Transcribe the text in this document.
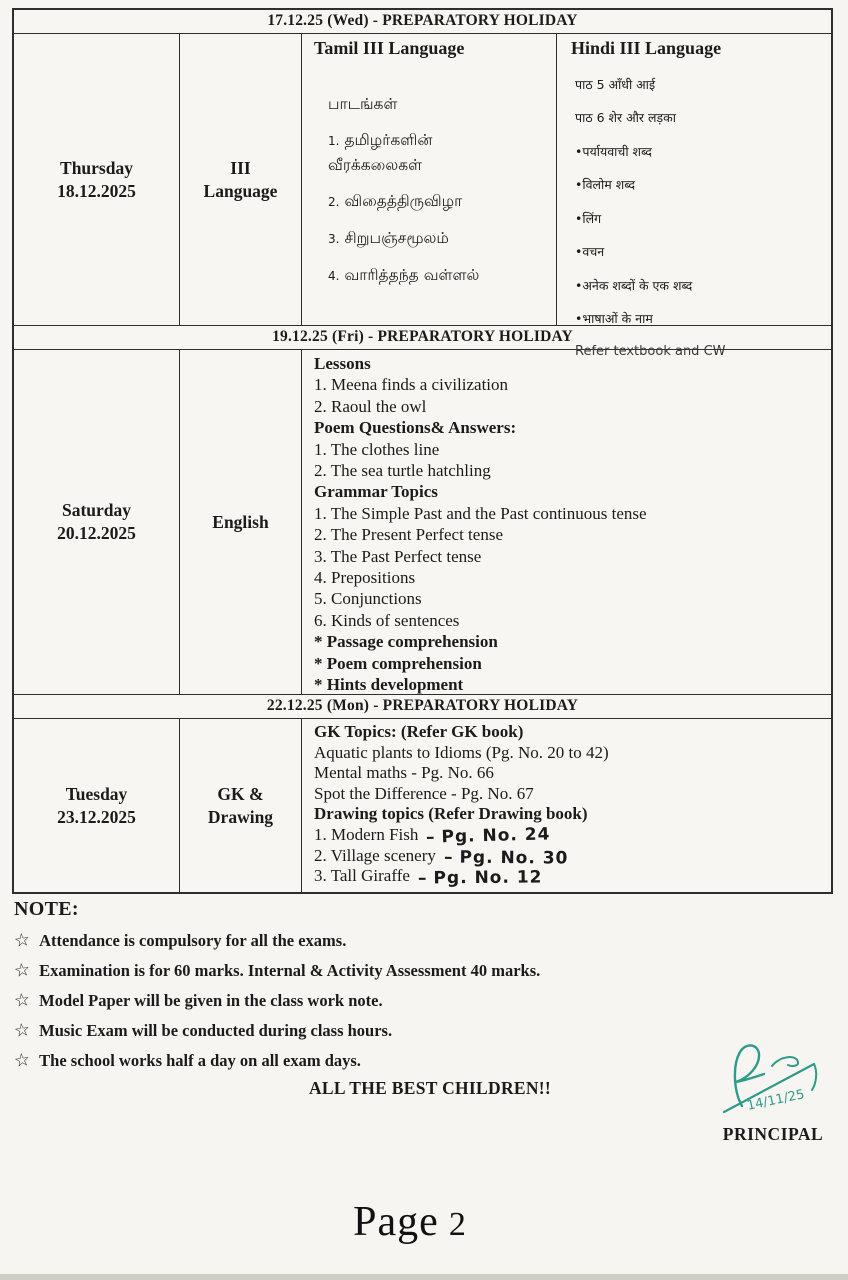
17.12.25 (Wed) - PREPARATORY HOLIDAY
Thursday
18.12.2025
III
Language
Tamil III Language
பாடங்கள்
1. தமிழர்களின்
வீரக்கலைகள்
2. விதைத்திருவிழா
3. சிறுபஞ்சமூலம்
4. வாரித்தந்த வள்ளல்
Hindi III Language
पाठ 5 आँधी आई
पाठ 6 शेर और लड़का
•पर्यायवाची शब्द
•विलोम शब्द
•लिंग
•वचन
•अनेक शब्दों के एक शब्द
•भाषाओं के नाम
Refer textbook and CW
19.12.25 (Fri) - PREPARATORY HOLIDAY
Saturday
20.12.2025
English
Lessons
1. Meena finds a civilization
2. Raoul the owl
Poem Questions& Answers:
1. The clothes line
2. The sea turtle hatchling
Grammar Topics
1. The Simple Past and the Past continuous tense
2. The Present Perfect tense
3. The Past Perfect tense
4. Prepositions
5. Conjunctions
6. Kinds of sentences
* Passage comprehension
* Poem comprehension
* Hints development
22.12.25 (Mon) - PREPARATORY HOLIDAY
Tuesday
23.12.2025
GK &
Drawing
GK Topics: (Refer GK book)
Aquatic plants to Idioms (Pg. No. 20 to 42)
Mental maths - Pg. No. 66
Spot the Difference - Pg. No. 67
Drawing topics (Refer Drawing book)
1. Modern Fish – Pg. No. 24
2. Village scenery – Pg. No. 30
3. Tall Giraffe – Pg. No. 12
NOTE:
☆ Attendance is compulsory for all the exams.
☆ Examination is for 60 marks. Internal & Activity Assessment 40 marks.
☆ Model Paper will be given in the class work note.
☆ Music Exam will be conducted during class hours.
☆ The school works half a day on all exam days.
ALL THE BEST CHILDREN!!	14/11/25
PRINCIPAL
Page 2
